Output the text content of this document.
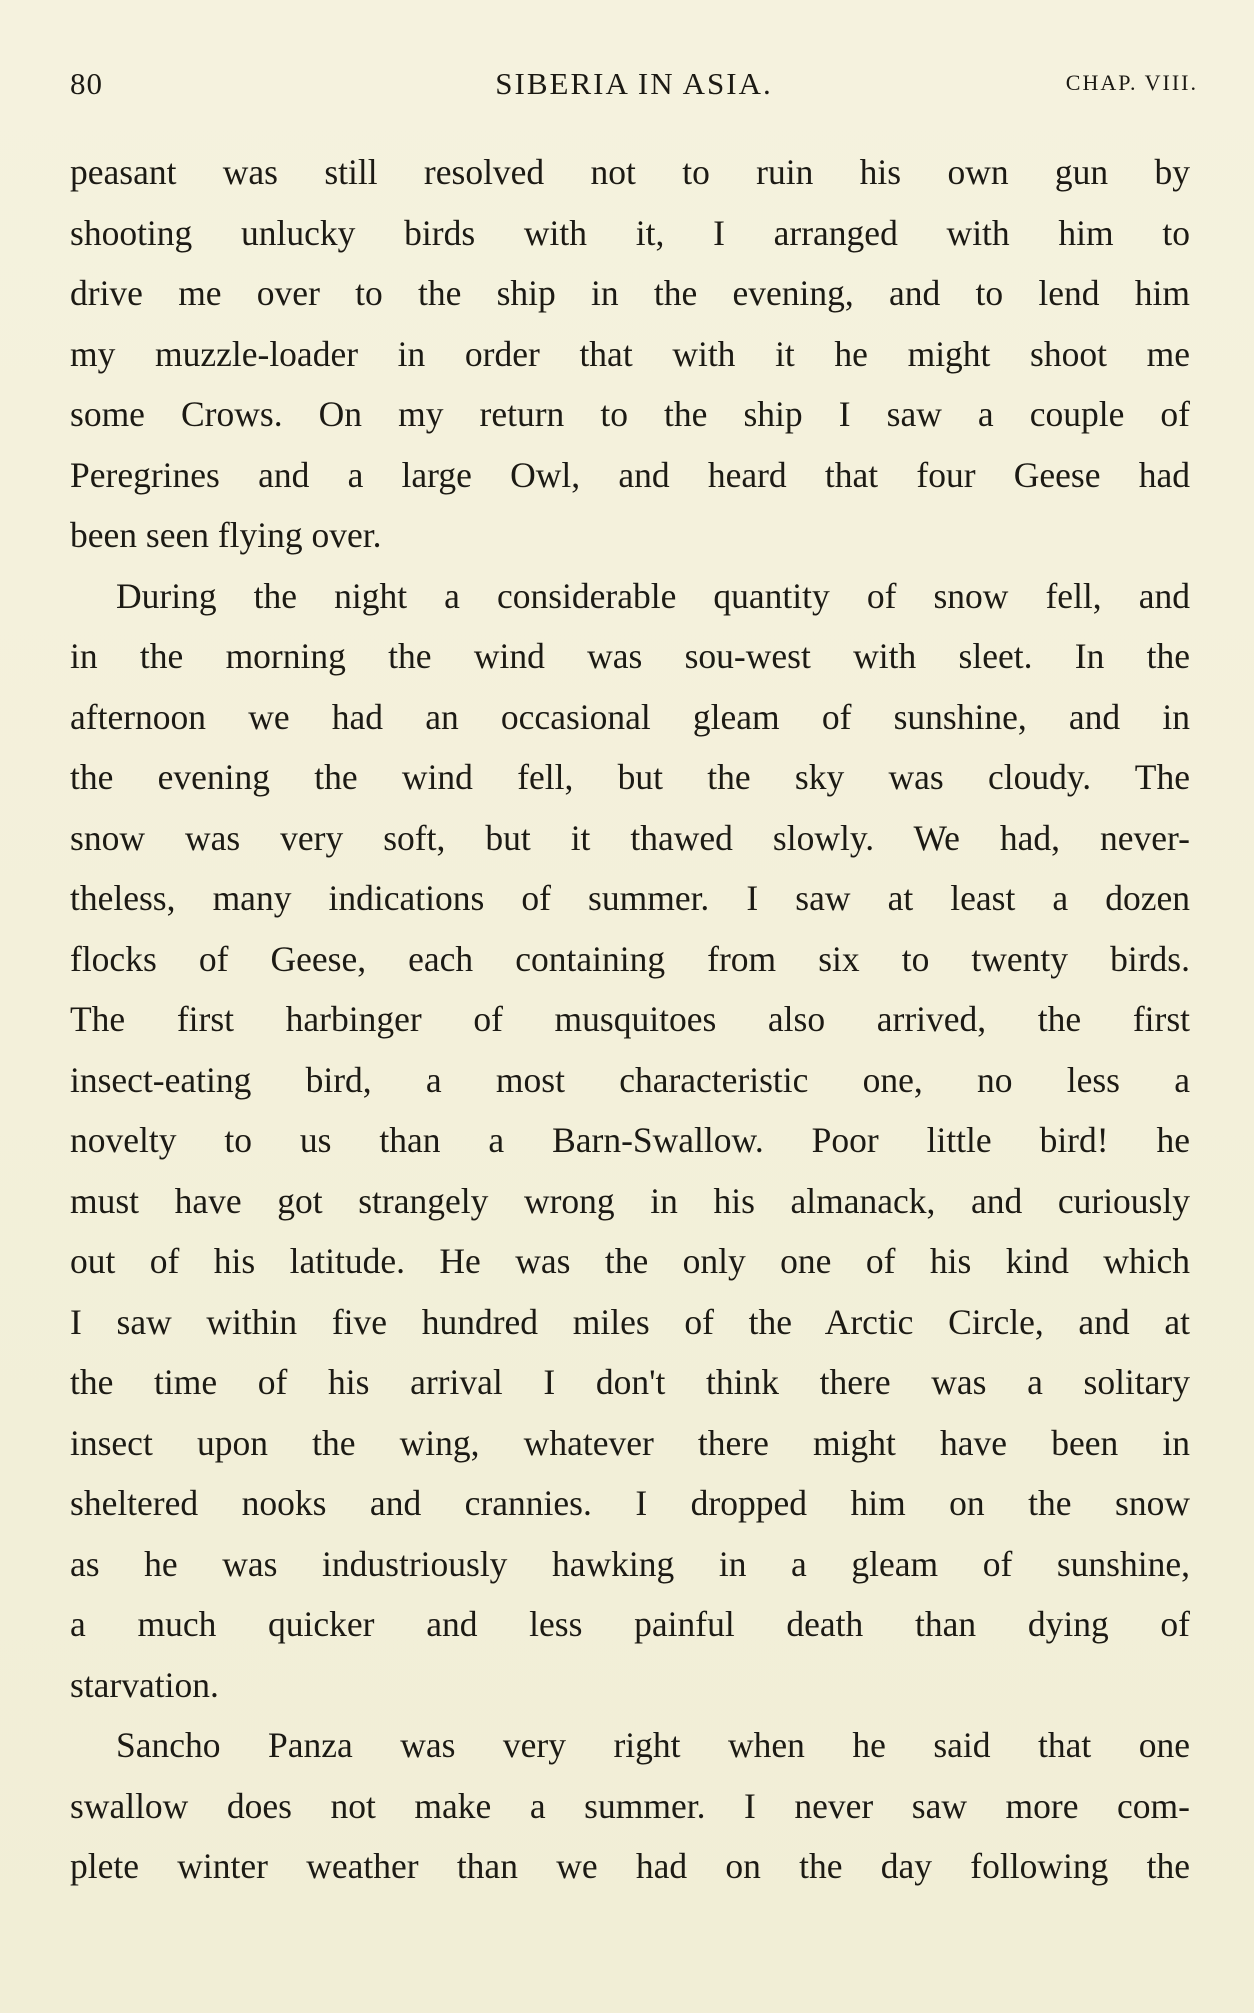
80	SIBERIA IN ASIA.	CHAP. VIII.

peasant was still resolved not to ruin his own gun by
shooting unlucky birds with it, I arranged with him to
drive me over to the ship in the evening, and to lend him
my muzzle-loader in order that with it he might shoot me
some Crows. On my return to the ship I saw a couple of
Peregrines and a large Owl, and heard that four Geese had
been seen flying over.

During the night a considerable quantity of snow fell, and
in the morning the wind was sou-west with sleet. In the
afternoon we had an occasional gleam of sunshine, and in
the evening the wind fell, but the sky was cloudy. The
snow was very soft, but it thawed slowly. We had, never-
theless, many indications of summer. I saw at least a dozen
flocks of Geese, each containing from six to twenty birds.
The first harbinger of musquitoes also arrived, the first
insect-eating bird, a most characteristic one, no less a
novelty to us than a Barn-Swallow. Poor little bird! he
must have got strangely wrong in his almanack, and curiously
out of his latitude. He was the only one of his kind which
I saw within five hundred miles of the Arctic Circle, and at
the time of his arrival I don't think there was a solitary
insect upon the wing, whatever there might have been in
sheltered nooks and crannies. I dropped him on the snow
as he was industriously hawking in a gleam of sunshine,
a much quicker and less painful death than dying of
starvation.

Sancho Panza was very right when he said that one
swallow does not make a summer. I never saw more com-
plete winter weather than we had on the day following the
